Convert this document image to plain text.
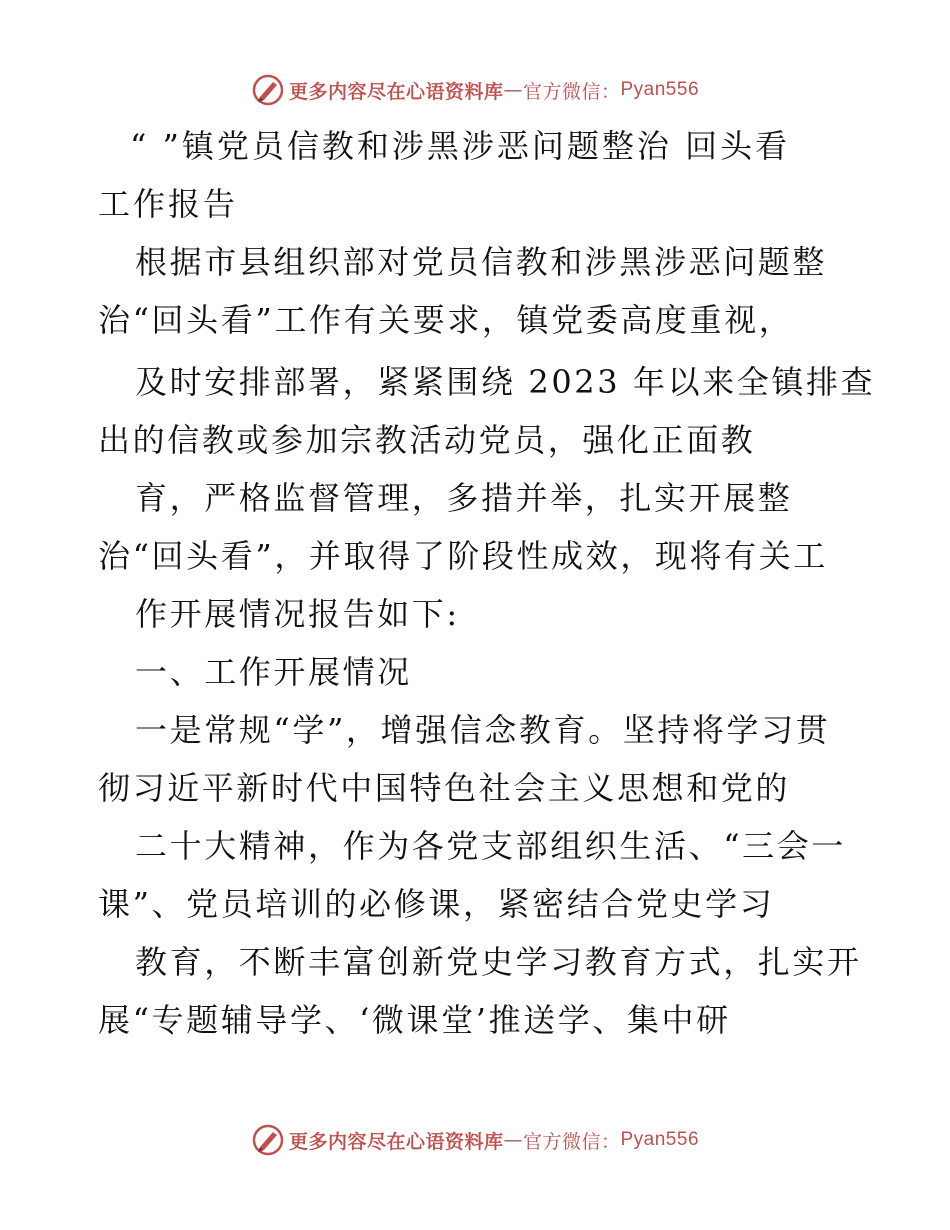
更多内容尽在心语资料库 — 官方微信： Pyan556
“ ”镇党员信教和涉黑涉恶问题整治 回头看
工作报告
根据市县组织部对党员信教和涉黑涉恶问题整
治“回头看”工作有关要求，镇党委高度重视，
及时安排部署，紧紧围绕 2023 年以来全镇排查
出的信教或参加宗教活动党员，强化正面教
育，严格监督管理，多措并举，扎实开展整
治“回头看”，并取得了阶段性成效，现将有关工
作开展情况报告如下:
一、工作开展情况
一是常规“学”，增强信念教育。坚持将学习贯
彻习近平新时代中国特色社会主义思想和党的
二十大精神，作为各党支部组织生活、“三会一
课”、党员培训的必修课，紧密结合党史学习
教育，不断丰富创新党史学习教育方式，扎实开
展“专题辅导学、‘微课堂’推送学、集中研
更多内容尽在心语资料库 — 官方微信： Pyan556
